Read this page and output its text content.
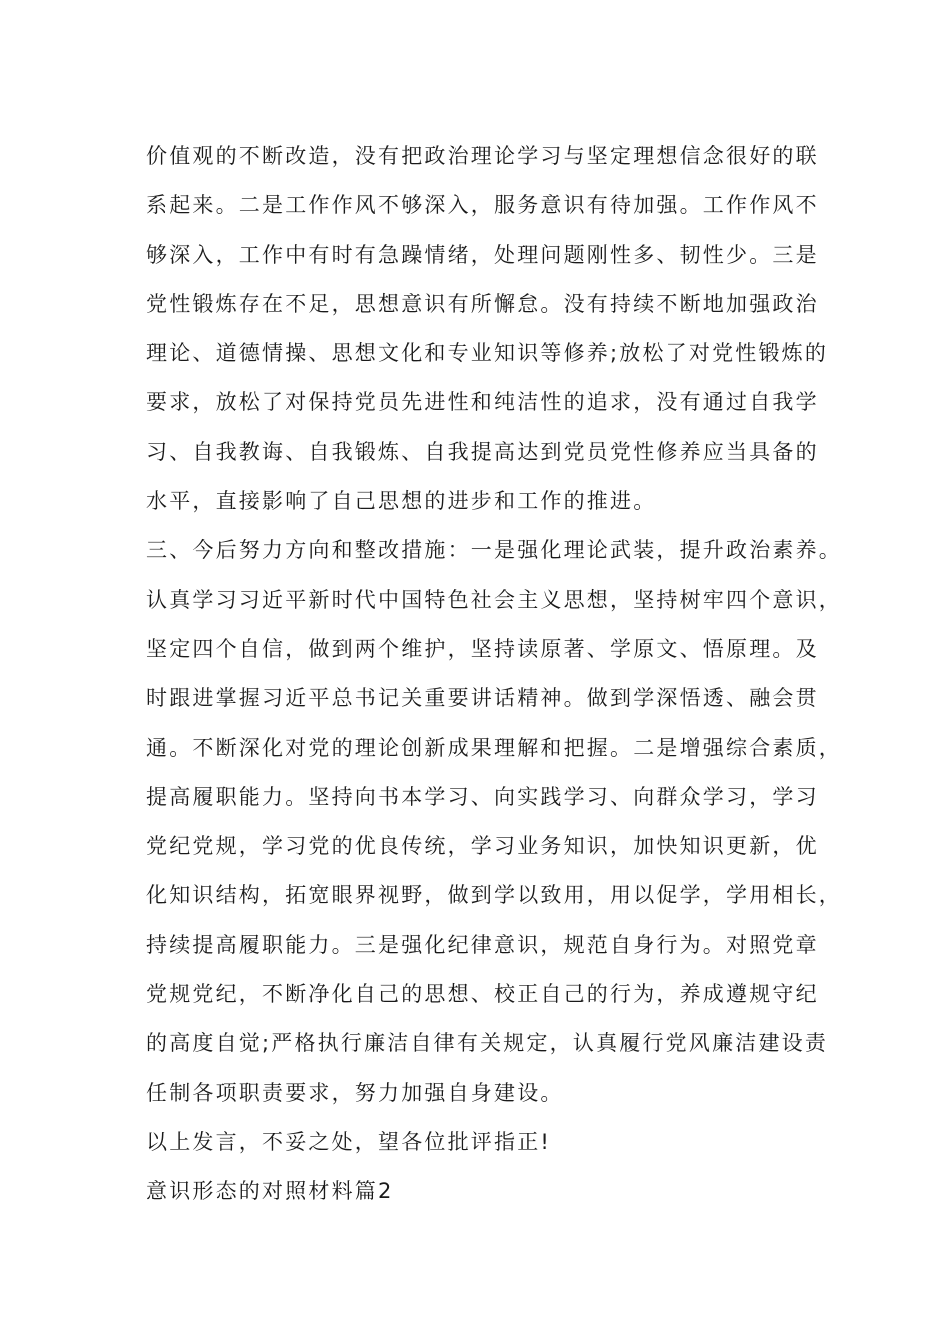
价值观的不断改造，没有把政治理论学习与坚定理想信念很好的联
系起来。二是工作作风不够深入，服务意识有待加强。工作作风不
够深入，工作中有时有急躁情绪，处理问题刚性多、韧性少。三是
党性锻炼存在不足，思想意识有所懈怠。没有持续不断地加强政治
理论、道德情操、思想文化和专业知识等修养;放松了对党性锻炼的
要求，放松了对保持党员先进性和纯洁性的追求，没有通过自我学
习、自我教诲、自我锻炼、自我提高达到党员党性修养应当具备的
水平，直接影响了自己思想的进步和工作的推进。
三、今后努力方向和整改措施：一是强化理论武装，提升政治素养。
认真学习习近平新时代中国特色社会主义思想，坚持树牢四个意识，
坚定四个自信，做到两个维护，坚持读原著、学原文、悟原理。及
时跟进掌握习近平总书记关重要讲话精神。做到学深悟透、融会贯
通。不断深化对党的理论创新成果理解和把握。二是增强综合素质，
提高履职能力。坚持向书本学习、向实践学习、向群众学习，学习
党纪党规，学习党的优良传统，学习业务知识，加快知识更新，优
化知识结构，拓宽眼界视野，做到学以致用，用以促学，学用相长，
持续提高履职能力。三是强化纪律意识，规范自身行为。对照党章
党规党纪，不断净化自己的思想、校正自己的行为，养成遵规守纪
的高度自觉;严格执行廉洁自律有关规定，认真履行党风廉洁建设责
任制各项职责要求，努力加强自身建设。
以上发言，不妥之处，望各位批评指正!
意识形态的对照材料篇2
